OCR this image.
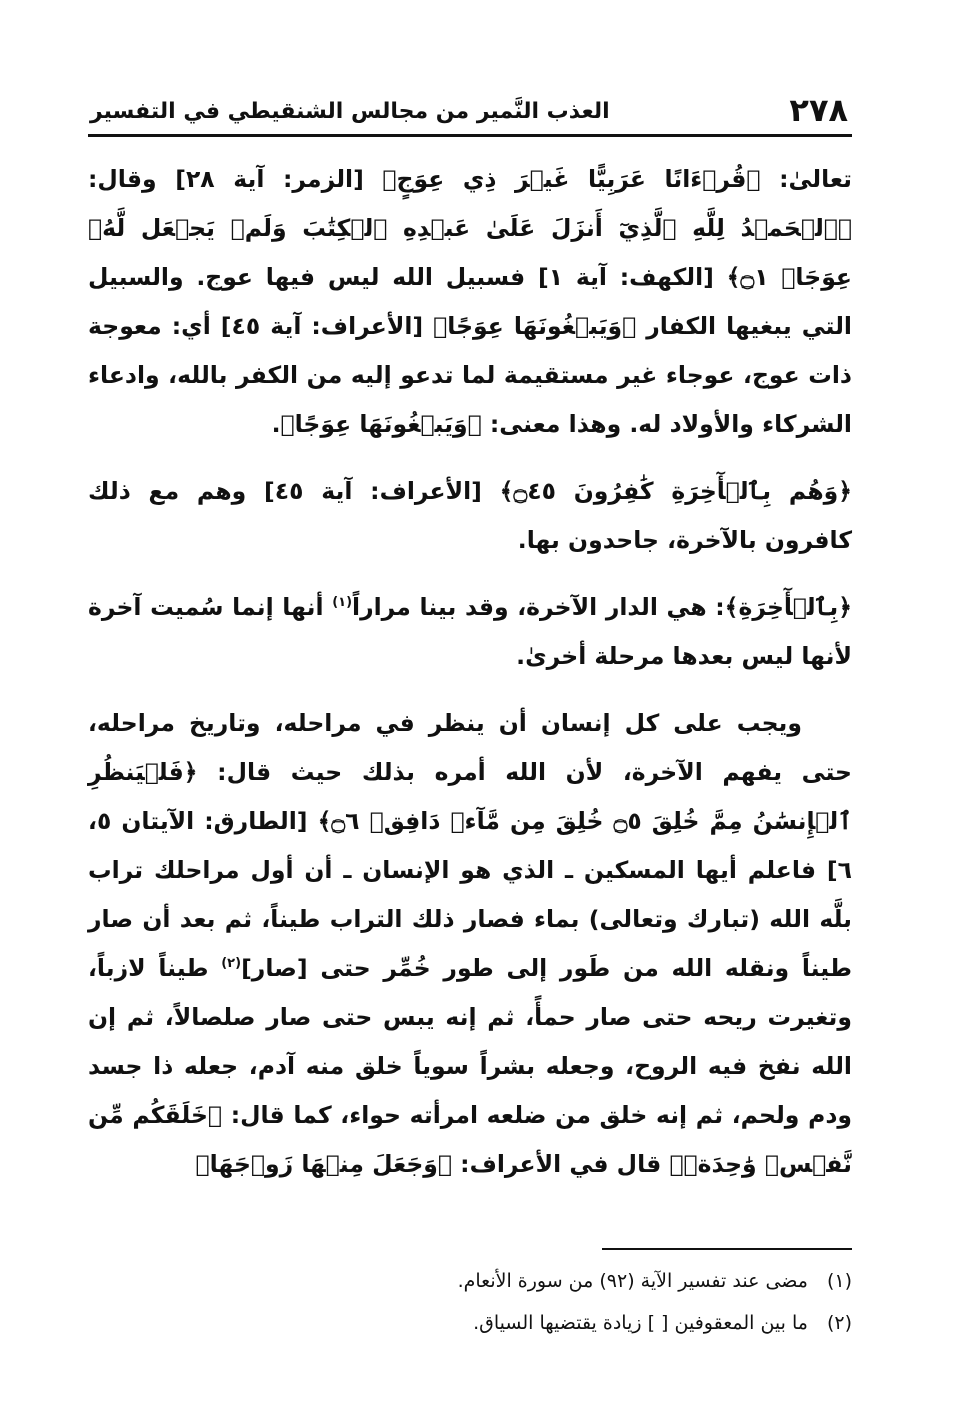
٢٧٨
العذب النَّمير من مجالس الشنقيطي في التفسير

تعالىٰ: ﴿قُرۡءَانًا عَرَبِيًّا غَيۡرَ ذِي عِوَجٍ﴾ [الزمر: آية ٢٨] وقال: ﴿ٱلۡحَمۡدُ لِلَّهِ ٱلَّذِيٓ أَنزَلَ عَلَىٰ عَبۡدِهِ ٱلۡكِتَٰبَ وَلَمۡ يَجۡعَل لَّهُۥ عِوَجَاۜ ۝١﴾ [الكهف: آية ١] فسبيل الله ليس فيها عوج. والسبيل التي يبغيها الكفار ﴿وَيَبۡغُونَهَا عِوَجًا﴾ [الأعراف: آية ٤٥] أي: معوجة ذات عوج، عوجاء غير مستقيمة لما تدعو إليه من الكفر بالله، وادعاء الشركاء والأولاد له. وهذا معنى: ﴿وَيَبۡغُونَهَا عِوَجًا﴾.

﴿وَهُم بِٱلۡأٓخِرَةِ كَٰفِرُونَ ۝٤٥﴾ [الأعراف: آية ٤٥] وهم مع ذلك كافرون بالآخرة، جاحدون بها.

﴿بِٱلۡأٓخِرَةِ﴾: هي الدار الآخرة، وقد بينا مراراً$^{(١)}$ أنها إنما سُميت آخرة لأنها ليس بعدها مرحلة أخرىٰ.

ويجب على كل إنسان أن ينظر في مراحله، وتاريخ مراحله، حتى يفهم الآخرة، لأن الله أمره بذلك حيث قال: ﴿فَلۡيَنظُرِ ٱلۡإِنسَٰنُ مِمَّ خُلِقَ ۝٥ خُلِقَ مِن مَّآءٖ دَافِقٖ ۝٦﴾ [الطارق: الآيتان ٥، ٦] فاعلم أيها المسكين ـ الذي هو الإنسان ـ أن أول مراحلك تراب بلَّه الله (تبارك وتعالى) بماء فصار ذلك التراب طيناً، ثم بعد أن صار طيناً ونقله الله من طَور إلى طور خُمِّر حتى [صار]$^{(٢)}$ طيناً لازباً، وتغيرت ريحه حتى صار حمأً، ثم إنه يبس حتى صار صلصالاً، ثم إن الله نفخ فيه الروح، وجعله بشراً سوياً خلق منه آدم، جعله ذا جسد ودم ولحم، ثم إنه خلق من ضلعه امرأته حواء، كما قال: ﴿خَلَقَكُم مِّن نَّفۡسٖ وَٰحِدَةٖ﴾ قال في الأعراف: ﴿وَجَعَلَ مِنۡهَا زَوۡجَهَا﴾

(١) مضى عند تفسير الآية (٩٢) من سورة الأنعام.

(٢) ما بين المعقوفين [ ] زيادة يقتضيها السياق.
